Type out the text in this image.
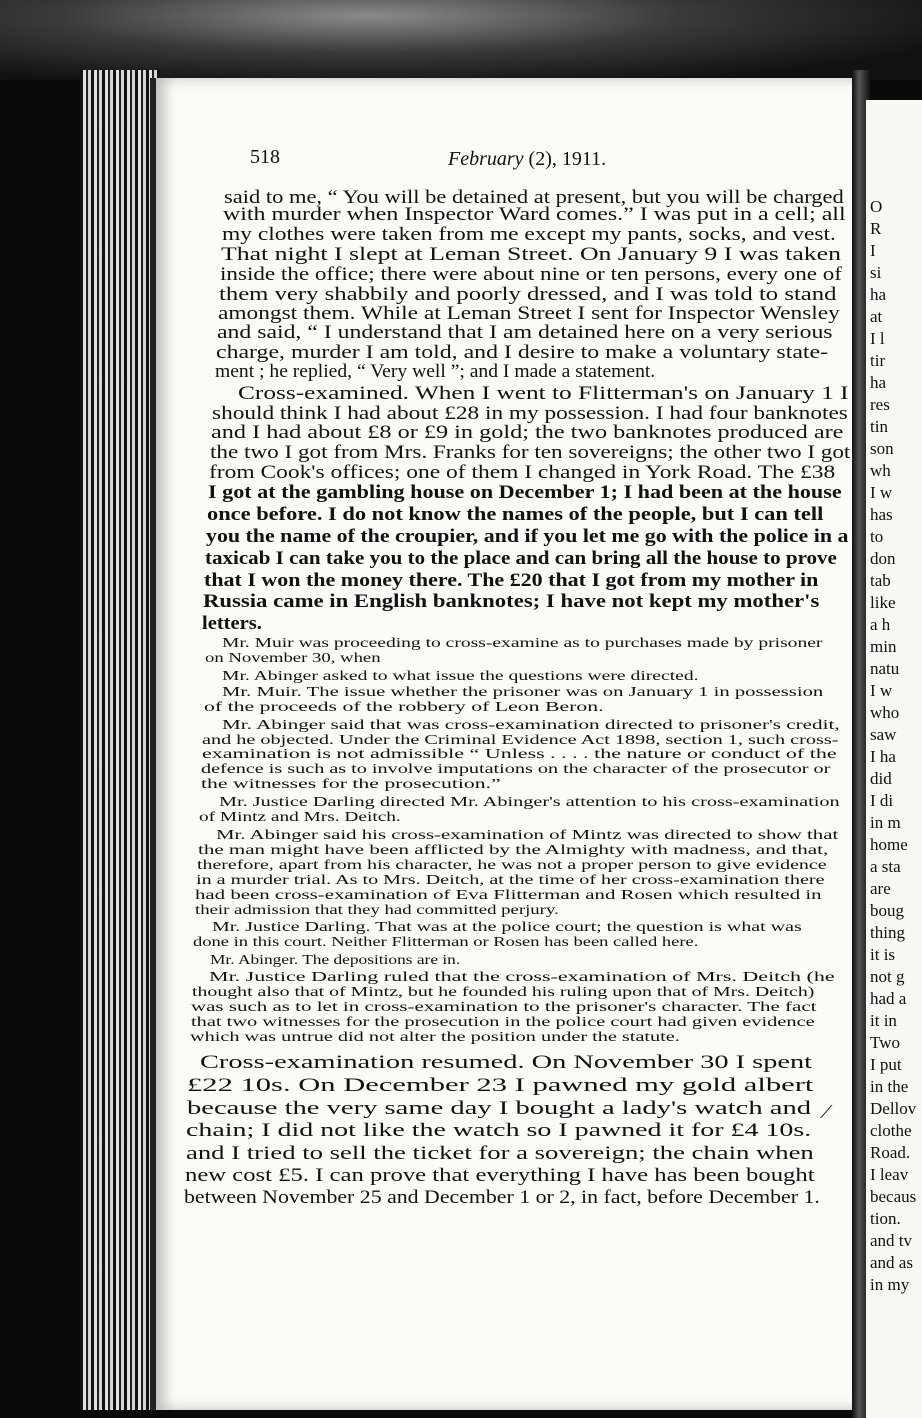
O
R
I
si
ha
at
I l
tir
ha
res
tin
son
wh
I w
has
to
don
tab
like
a h
min
natu
I w
who
saw
I ha
did
I di
in m
home
a sta
are
boug
thing
it is
not g
had a
it in
Two
I put
in the
Dellov
clothe
Road.
I leav
becaus
tion.
and tv
and as
in my
518	February (2), 1911.
said to me, “ You will be detained at present, but you will be charged
with murder when Inspector Ward comes.” I was put in a cell; all
my clothes were taken from me except my pants, socks, and vest.
That night I slept at Leman Street. On January 9 I was taken
inside the office; there were about nine or ten persons, every one of
them very shabbily and poorly dressed, and I was told to stand
amongst them. While at Leman Street I sent for Inspector Wensley
and said, “ I understand that I am detained here on a very serious
charge, murder I am told, and I desire to make a voluntary state-
ment ; he replied, “ Very well ”; and I made a statement.
Cross-examined. When I went to Flitterman's on January 1 I
should think I had about £28 in my possession. I had four banknotes
and I had about £8 or £9 in gold; the two banknotes produced are
the two I got from Mrs. Franks for ten sovereigns; the other two I got
from Cook's offices; one of them I changed in York Road. The £38
I got at the gambling house on December 1; I had been at the house
once before. I do not know the names of the people, but I can tell
you the name of the croupier, and if you let me go with the police in a
taxicab I can take you to the place and can bring all the house to prove
that I won the money there. The £20 that I got from my mother in
Russia came in English banknotes; I have not kept my mother's
letters.
Mr. Muir was proceeding to cross-examine as to purchases made by prisoner
on November 30, when
Mr. Abinger asked to what issue the questions were directed.
Mr. Muir. The issue whether the prisoner was on January 1 in possession
of the proceeds of the robbery of Leon Beron.
Mr. Abinger said that was cross-examination directed to prisoner's credit,
and he objected. Under the Criminal Evidence Act 1898, section 1, such cross-
examination is not admissible “ Unless . . . . the nature or conduct of the
defence is such as to involve imputations on the character of the prosecutor or
the witnesses for the prosecution.”
Mr. Justice Darling directed Mr. Abinger's attention to his cross-examination
of Mintz and Mrs. Deitch.
Mr. Abinger said his cross-examination of Mintz was directed to show that
the man might have been afflicted by the Almighty with madness, and that,
therefore, apart from his character, he was not a proper person to give evidence
in a murder trial. As to Mrs. Deitch, at the time of her cross-examination there
had been cross-examination of Eva Flitterman and Rosen which resulted in
their admission that they had committed perjury.
Mr. Justice Darling. That was at the police court; the question is what was
done in this court. Neither Flitterman or Rosen has been called here.
Mr. Abinger. The depositions are in.
Mr. Justice Darling ruled that the cross-examination of Mrs. Deitch (he
thought also that of Mintz, but he founded his ruling upon that of Mrs. Deitch)
was such as to let in cross-examination to the prisoner's character. The fact
that two witnesses for the prosecution in the police court had given evidence
which was untrue did not alter the position under the statute.
Cross-examination resumed. On November 30 I spent
£22 10s. On December 23 I pawned my gold albert
because the very same day I bought a lady's watch and
chain; I did not like the watch so I pawned it for £4 10s.
and I tried to sell the ticket for a sovereign; the chain when
new cost £5. I can prove that everything I have has been bought
between November 25 and December 1 or 2, in fact, before December 1.
⟋
